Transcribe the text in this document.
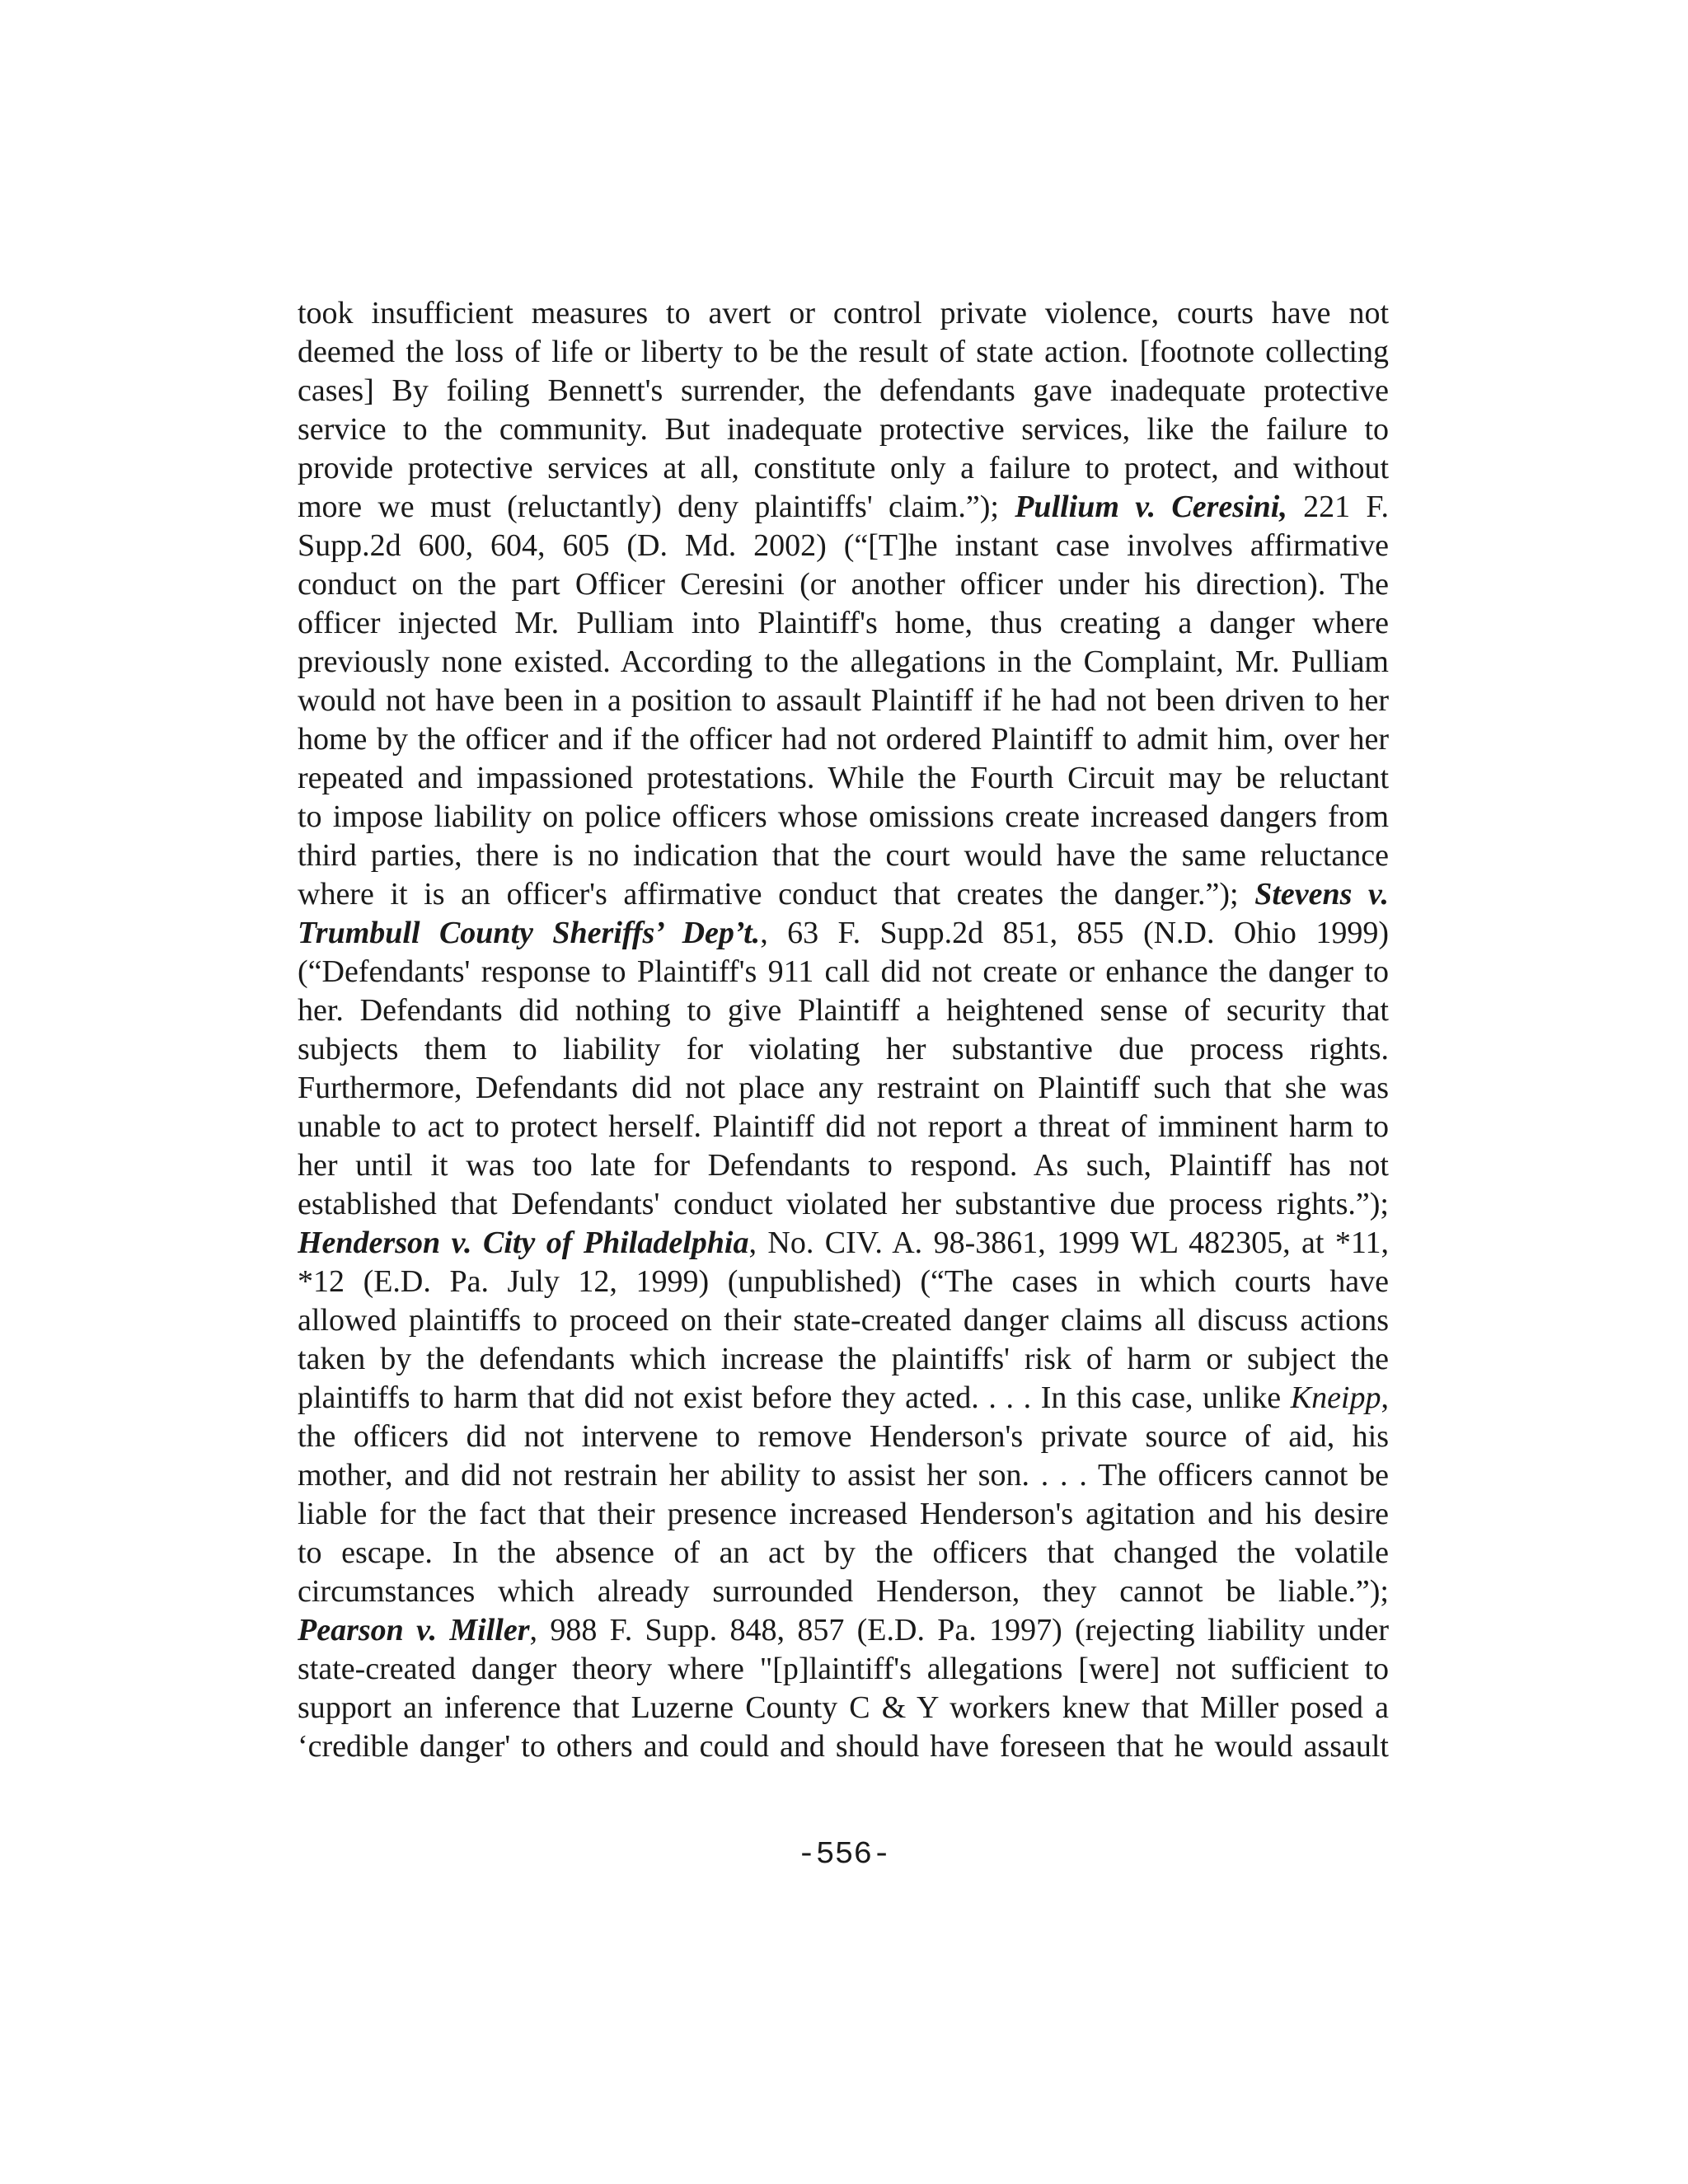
took insufficient measures to avert or control private violence, courts have not
deemed the loss of life or liberty to be the result of state action. [footnote collecting
cases] By foiling Bennett's surrender, the defendants gave inadequate protective
service to the community. But inadequate protective services, like the failure to
provide protective services at all, constitute only a failure to protect, and without
more we must (reluctantly) deny plaintiffs' claim.”); Pullium v. Ceresini, 221 F.
Supp.2d 600, 604, 605 (D. Md. 2002) (“[T]he instant case involves affirmative
conduct on the part Officer Ceresini (or another officer under his direction). The
officer injected Mr. Pulliam into Plaintiff's home, thus creating a danger where
previously none existed. According to the allegations in the Complaint, Mr. Pulliam
would not have been in a position to assault Plaintiff if he had not been driven to her
home by the officer and if the officer had not ordered Plaintiff to admit him, over her
repeated and impassioned protestations. While the Fourth Circuit may be reluctant
to impose liability on police officers whose omissions create increased dangers from
third parties, there is no indication that the court would have the same reluctance
where it is an officer's affirmative conduct that creates the danger.”); Stevens v.
Trumbull County Sheriffs’ Dep’t., 63 F. Supp.2d 851, 855 (N.D. Ohio 1999)
(“Defendants' response to Plaintiff's 911 call did not create or enhance the danger to
her. Defendants did nothing to give Plaintiff a heightened sense of security that
subjects them to liability for violating her substantive due process rights.
Furthermore, Defendants did not place any restraint on Plaintiff such that she was
unable to act to protect herself. Plaintiff did not report a threat of imminent harm to
her until it was too late for Defendants to respond. As such, Plaintiff has not
established that Defendants' conduct violated her substantive due process rights.”);
Henderson v. City of Philadelphia, No. CIV. A. 98-3861, 1999 WL 482305, at *11,
*12 (E.D. Pa. July 12, 1999) (unpublished) (“The cases in which courts have
allowed plaintiffs to proceed on their state-created danger claims all discuss actions
taken by the defendants which increase the plaintiffs' risk of harm or subject the
plaintiffs to harm that did not exist before they acted. . . . In this case, unlike Kneipp,
the officers did not intervene to remove Henderson's private source of aid, his
mother, and did not restrain her ability to assist her son. . . . The officers cannot be
liable for the fact that their presence increased Henderson's agitation and his desire
to escape. In the absence of an act by the officers that changed the volatile
circumstances which already surrounded Henderson, they cannot be liable.”);
Pearson v. Miller, 988 F. Supp. 848, 857 (E.D. Pa. 1997) (rejecting liability under
state-created danger theory where "[p]laintiff's allegations [were] not sufficient to
support an inference that Luzerne County C & Y workers knew that Miller posed a
‘credible danger' to others and could and should have foreseen that he would assault
-556-
